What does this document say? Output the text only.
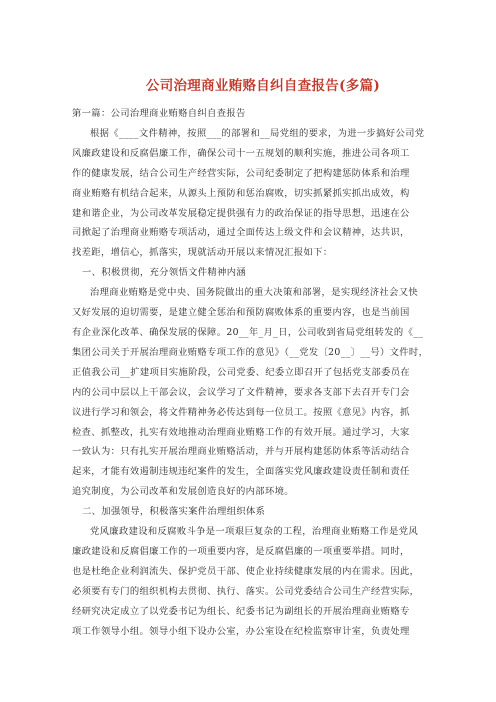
公司治理商业贿赂自纠自查报告(多篇)
第一篇：公司治理商业贿赂自纠自查报告
根据《____文件精神，按照___的部署和__局党组的要求，为进一步搞好公司党
风廉政建设和反腐倡廉工作，确保公司十一五规划的顺利实施，推进公司各项工
作的健康发展，结合公司生产经营实际，公司纪委制定了把构建惩防体系和治理
商业贿赂有机结合起来，从源头上预防和惩治腐败，切实抓紧抓实抓出成效，构
建和谐企业，为公司改革发展稳定提供强有力的政治保证的指导思想，迅速在公
司掀起了治理商业贿赂专项活动，通过全面传达上级文件和会议精神，达共识，
找差距，增信心，抓落实，现就活动开展以来情况汇报如下：
一、积极贯彻，充分领悟文件精神内涵
治理商业贿赂是党中央、国务院做出的重大决策和部署，是实现经济社会又快
又好发展的迫切需要，是建立健全惩治和预防腐败体系的重要内容，也是当前国
有企业深化改革、确保发展的保障。20__年_月_日，公司收到省局党组转发的《__
集团公司关于开展治理商业贿赂专项工作的意见》（__党发〔20__〕__号）文件时，
正值我公司__扩建项目实施阶段，公司党委、纪委立即召开了包括党支部委员在
内的公司中层以上干部会议，会议学习了文件精神，要求各支部下去召开专门会
议进行学习和领会，将文件精神务必传达到每一位员工。按照《意见》内容，抓
检查、抓整改，扎实有效地推动治理商业贿赂工作的有效开展。通过学习，大家
一致认为：只有扎实开展治理商业贿赂活动，并与开展构建惩防体系等活动结合
起来，才能有效遏制违规违纪案件的发生，全面落实党风廉政建设责任制和责任
追究制度，为公司改革和发展创造良好的内部环境。
二、加强领导，积极落实案件治理组织体系
党风廉政建设和反腐败斗争是一项艰巨复杂的工程，治理商业贿赂工作是党风
廉政建设和反腐倡廉工作的一项重要内容，是反腐倡廉的一项重要举措。同时，
也是杜绝企业利润流失、保护党员干部、使企业持续健康发展的内在需求。因此，
必须要有专门的组织机构去贯彻、执行、落实。公司党委结合公司生产经营实际，
经研究决定成立了以党委书记为组长、纪委书记为副组长的开展治理商业贿赂专
项工作领导小组。领导小组下设办公室，办公室设在纪检监察审计室，负责处理
